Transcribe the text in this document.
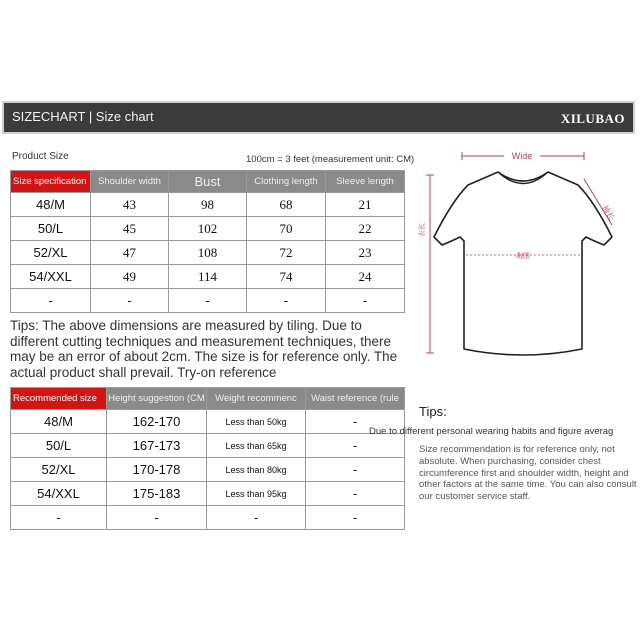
SIZECHART | Size chart	XILUBAO
Product Size	100cm = 3 feet (measurement unit: CM)
Size specification	Shoulder width	Bust	Clothing length	Sleeve length
48/M	43	98	68	21
50/L	45	102	70	22
52/XL	47	108	72	23
54/XXL	49	114	74	24
-	-	-	-	-
Tips: The above dimensions are measured by tiling. Due to different cutting techniques and measurement techniques, there may be an error of about 2cm. The size is for reference only. The actual product shall prevail. Try-on reference
Recommended size	Height suggestion (CM	Weight recommenc	Waist reference (rule
48/M	162-170	Less than 50kg	-
50/L	167-173	Less than 65kg	-
52/XL	170-178	Less than 80kg	-
54/XXL	175-183	Less than 95kg	-
-	-	-	-
Wide
袖长
衣长
胸围
Tips:
Due to different personal wearing habits and figure averag
Size recommendation is for reference only, not absolute. When purchasing, consider chest circumference first and shoulder width, height and other factors at the same time. You can also consult our customer service staff.
